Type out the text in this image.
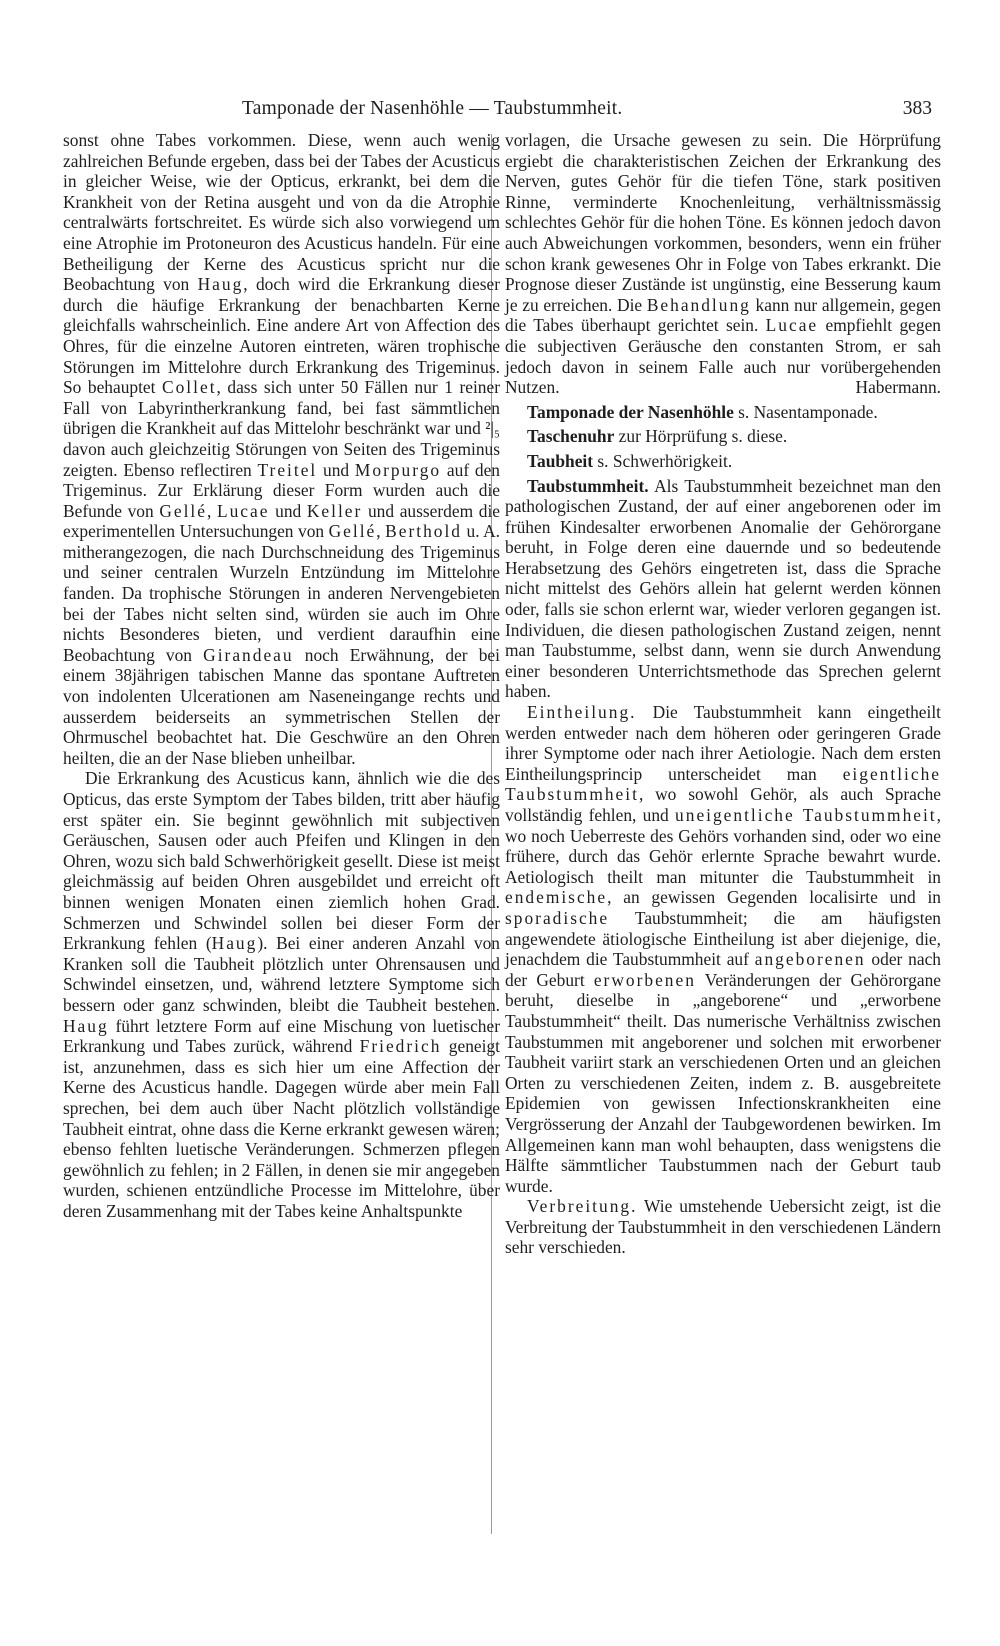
Tamponade der Nasenhöhle — Taubstummheit.	383

sonst ohne Tabes vorkommen. Diese, wenn auch wenig zahlreichen Befunde ergeben, dass bei der Tabes der Acusticus in gleicher Weise, wie der Opticus, erkrankt, bei dem die Krankheit von der Retina ausgeht und von da die Atrophie centralwärts fortschreitet. Es würde sich also vorwiegend um eine Atrophie im Protoneuron des Acusticus handeln. Für eine Betheiligung der Kerne des Acusticus spricht nur die Beobachtung von Haug, doch wird die Erkrankung dieser durch die häufige Erkrankung der benachbarten Kerne gleichfalls wahrscheinlich. Eine andere Art von Affection des Ohres, für die einzelne Autoren eintreten, wären trophische Störungen im Mittelohre durch Erkrankung des Trigeminus. So behauptet Collet, dass sich unter 50 Fällen nur 1 reiner Fall von Labyrintherkrankung fand, bei fast sämmtlichen übrigen die Krankheit auf das Mittelohr beschränkt war und ²|₅ davon auch gleichzeitig Störungen von Seiten des Trigeminus zeigten. Ebenso reflectiren Treitel und Morpurgo auf den Trigeminus. Zur Erklärung dieser Form wurden auch die Befunde von Gellé, Lucae und Keller und ausserdem die experimentellen Untersuchungen von Gellé, Berthold u. A. mitherangezogen, die nach Durchschneidung des Trigeminus und seiner centralen Wurzeln Entzündung im Mittelohre fanden. Da trophische Störungen in anderen Nervengebieten bei der Tabes nicht selten sind, würden sie auch im Ohre nichts Besonderes bieten, und verdient daraufhin eine Beobachtung von Girandeau noch Erwähnung, der bei einem 38jährigen tabischen Manne das spontane Auftreten von indolenten Ulcerationen am Naseneingange rechts und ausserdem beiderseits an symmetrischen Stellen der Ohrmuschel beobachtet hat. Die Geschwüre an den Ohren heilten, die an der Nase blieben unheilbar.

Die Erkrankung des Acusticus kann, ähnlich wie die des Opticus, das erste Symptom der Tabes bilden, tritt aber häufig erst später ein. Sie beginnt gewöhnlich mit subjectiven Geräuschen, Sausen oder auch Pfeifen und Klingen in den Ohren, wozu sich bald Schwerhörigkeit gesellt. Diese ist meist gleichmässig auf beiden Ohren ausgebildet und erreicht oft binnen wenigen Monaten einen ziemlich hohen Grad. Schmerzen und Schwindel sollen bei dieser Form der Erkrankung fehlen (Haug). Bei einer anderen Anzahl von Kranken soll die Taubheit plötzlich unter Ohrensausen und Schwindel einsetzen, und, während letztere Symptome sich bessern oder ganz schwinden, bleibt die Taubheit bestehen. Haug führt letztere Form auf eine Mischung von luetischer Erkrankung und Tabes zurück, während Friedrich geneigt ist, anzunehmen, dass es sich hier um eine Affection der Kerne des Acusticus handle. Dagegen würde aber mein Fall sprechen, bei dem auch über Nacht plötzlich vollständige Taubheit eintrat, ohne dass die Kerne erkrankt gewesen wären; ebenso fehlten luetische Veränderungen. Schmerzen pflegen gewöhnlich zu fehlen; in 2 Fällen, in denen sie mir angegeben wurden, schienen entzündliche Processe im Mittelohre, über deren Zusammenhang mit der Tabes keine Anhaltspunkte

vorlagen, die Ursache gewesen zu sein. Die Hörprüfung ergiebt die charakteristischen Zeichen der Erkrankung des Nerven, gutes Gehör für die tiefen Töne, stark positiven Rinne, verminderte Knochenleitung, verhältnissmässig schlechtes Gehör für die hohen Töne. Es können jedoch davon auch Abweichungen vorkommen, besonders, wenn ein früher schon krank gewesenes Ohr in Folge von Tabes erkrankt. Die Prognose dieser Zustände ist ungünstig, eine Besserung kaum je zu erreichen. Die Behandlung kann nur allgemein, gegen die Tabes überhaupt gerichtet sein. Lucae empfiehlt gegen die subjectiven Geräusche den constanten Strom, er sah jedoch davon in seinem Falle auch nur vorübergehenden Nutzen.	Habermann.

Tamponade der Nasenhöhle s. Nasentamponade.

Taschenuhr zur Hörprüfung s. diese.

Taubheit s. Schwerhörigkeit.

Taubstummheit. Als Taubstummheit bezeichnet man den pathologischen Zustand, der auf einer angeborenen oder im frühen Kindesalter erworbenen Anomalie der Gehörorgane beruht, in Folge deren eine dauernde und so bedeutende Herabsetzung des Gehörs eingetreten ist, dass die Sprache nicht mittelst des Gehörs allein hat gelernt werden können oder, falls sie schon erlernt war, wieder verloren gegangen ist. Individuen, die diesen pathologischen Zustand zeigen, nennt man Taubstumme, selbst dann, wenn sie durch Anwendung einer besonderen Unterrichtsmethode das Sprechen gelernt haben.

Eintheilung. Die Taubstummheit kann eingetheilt werden entweder nach dem höheren oder geringeren Grade ihrer Symptome oder nach ihrer Aetiologie. Nach dem ersten Eintheilungsprincip unterscheidet man eigentliche Taubstummheit, wo sowohl Gehör, als auch Sprache vollständig fehlen, und uneigentliche Taubstummheit, wo noch Ueberreste des Gehörs vorhanden sind, oder wo eine frühere, durch das Gehör erlernte Sprache bewahrt wurde. Aetiologisch theilt man mitunter die Taubstummheit in endemische, an gewissen Gegenden localisirte und in sporadische Taubstummheit; die am häufigsten angewendete ätiologische Eintheilung ist aber diejenige, die, jenachdem die Taubstummheit auf angeborenen oder nach der Geburt erworbenen Veränderungen der Gehörorgane beruht, dieselbe in „angeborene“ und „erworbene Taubstummheit“ theilt. Das numerische Verhältniss zwischen Taubstummen mit angeborener und solchen mit erworbener Taubheit variirt stark an verschiedenen Orten und an gleichen Orten zu verschiedenen Zeiten, indem z. B. ausgebreitete Epidemien von gewissen Infectionskrankheiten eine Vergrösserung der Anzahl der Taubgewordenen bewirken. Im Allgemeinen kann man wohl behaupten, dass wenigstens die Hälfte sämmtlicher Taubstummen nach der Geburt taub wurde.

Verbreitung. Wie umstehende Uebersicht zeigt, ist die Verbreitung der Taubstummheit in den verschiedenen Ländern sehr verschieden.
